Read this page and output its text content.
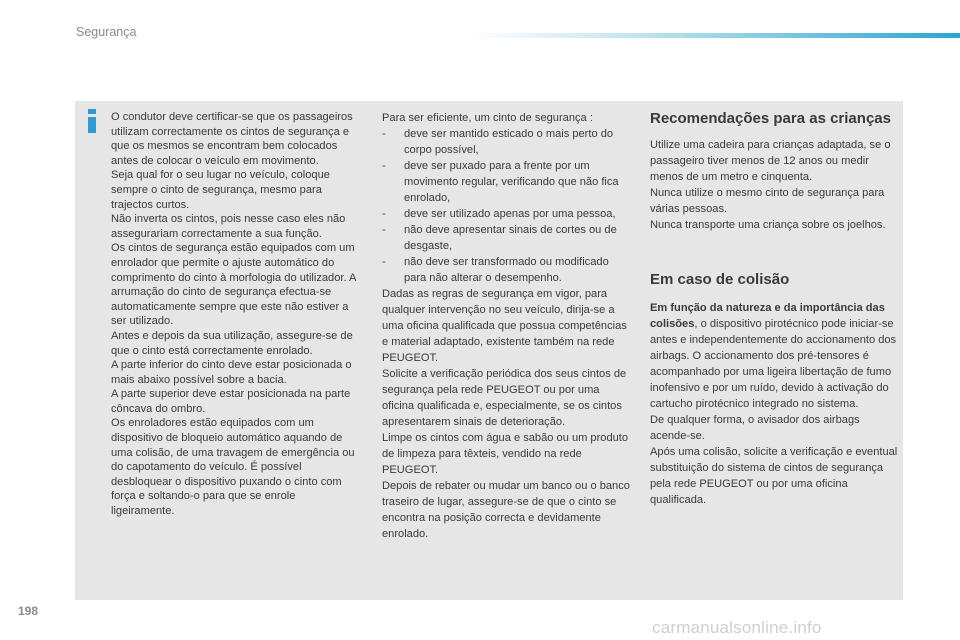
Segurança

O condutor deve certificar-se que os passageiros utilizam correctamente os cintos de segurança e que os mesmos se encontram bem colocados antes de colocar o veículo em movimento.
Seja qual for o seu lugar no veículo, coloque sempre o cinto de segurança, mesmo para trajectos curtos.
Não inverta os cintos, pois nesse caso eles não assegurariam correctamente a sua função.
Os cintos de segurança estão equipados com um enrolador que permite o ajuste automático do comprimento do cinto à morfologia do utilizador. A arrumação do cinto de segurança efectua-se automaticamente sempre que este não estiver a ser utilizado.
Antes e depois da sua utilização, assegure-se de que o cinto está correctamente enrolado.
A parte inferior do cinto deve estar posicionada o mais abaixo possível sobre a bacia.
A parte superior deve estar posicionada na parte côncava do ombro.
Os enroladores estão equipados com um dispositivo de bloqueio automático aquando de uma colisão, de uma travagem de emergência ou do capotamento do veículo. É possível desbloquear o dispositivo puxando o cinto com força e soltando-o para que se enrole ligeiramente.

Para ser eficiente, um cinto de segurança :

- deve ser mantido esticado o mais perto do corpo possível,
- deve ser puxado para a frente por um movimento regular, verificando que não fica enrolado,
- deve ser utilizado apenas por uma pessoa,
- não deve apresentar sinais de cortes ou de desgaste,
- não deve ser transformado ou modificado para não alterar o desempenho.

Dadas as regras de segurança em vigor, para qualquer intervenção no seu veículo, dirija-se a uma oficina qualificada que possua competências e material adaptado, existente também na rede PEUGEOT.
Solicite a verificação periódica dos seus cintos de segurança pela rede PEUGEOT ou por uma oficina qualificada e, especialmente, se os cintos apresentarem sinais de deterioração.
Limpe os cintos com água e sabão ou um produto de limpeza para têxteis, vendido na rede PEUGEOT.
Depois de rebater ou mudar um banco ou o banco traseiro de lugar, assegure-se de que o cinto se encontra na posição correcta e devidamente enrolado.

Recomendações para as crianças

Utilize uma cadeira para crianças adaptada, se o passageiro tiver menos de 12 anos ou medir menos de um metro e cinquenta.
Nunca utilize o mesmo cinto de segurança para várias pessoas.
Nunca transporte uma criança sobre os joelhos.

Em caso de colisão

Em função da natureza e da importância das colisões, o dispositivo pirotécnico pode iniciar-se antes e independentemente do accionamento dos airbags. O accionamento dos pré-tensores é acompanhado por uma ligeira libertação de fumo inofensivo e por um ruído, devido à activação do cartucho pirotécnico integrado no sistema.

De qualquer forma, o avisador dos airbags acende-se.
Após uma colisão, solicite a verificação e eventual substituição do sistema de cintos de segurança pela rede PEUGEOT ou por uma oficina qualificada.

198
carmanualsonline.info
